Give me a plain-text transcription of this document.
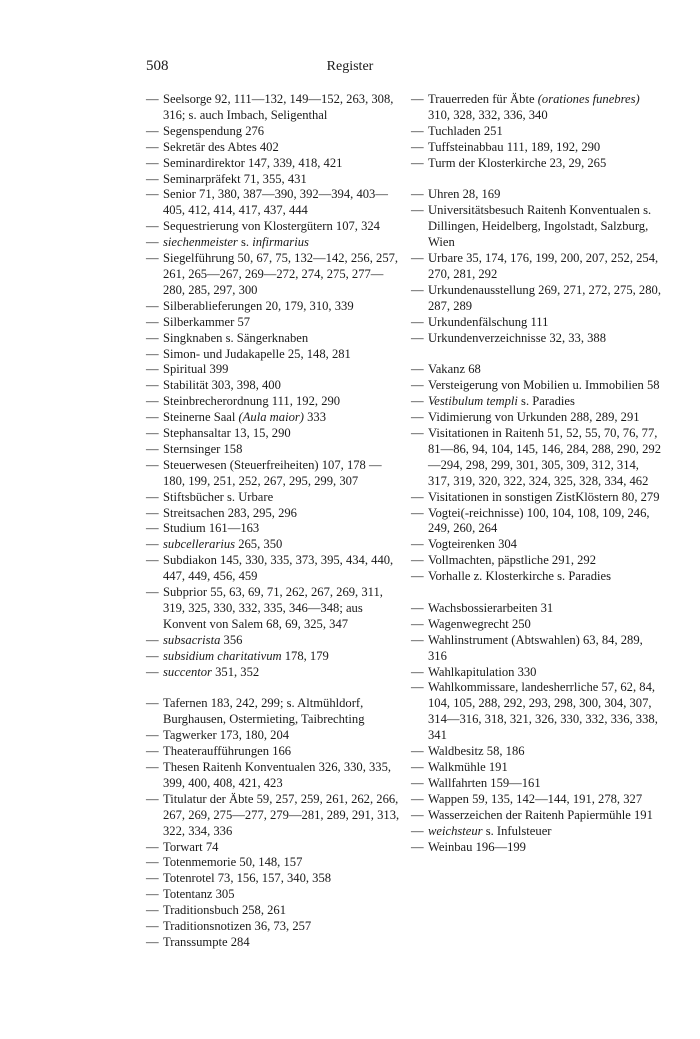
508	Register
— Seelsorge 92, 111—132, 149—152, 263, 308, 316; s. auch Imbach, Seligenthal
— Segenspendung 276
— Sekretär des Abtes 402
— Seminardirektor 147, 339, 418, 421
— Seminarpräfekt 71, 355, 431
— Senior 71, 380, 387—390, 392—394, 403—405, 412, 414, 417, 437, 444
— Sequestrierung von Klostergütern 107, 324
— siechenmeister s. infirmarius
— Siegelführung 50, 67, 75, 132—142, 256, 257, 261, 265—267, 269—272, 274, 275, 277—280, 285, 297, 300
— Silberablieferungen 20, 179, 310, 339
— Silberkammer 57
— Singknaben s. Sängerknaben
— Simon- und Judakapelle 25, 148, 281
— Spiritual 399
— Stabilität 303, 398, 400
— Steinbrecherordnung 111, 192, 290
— Steinerne Saal (Aula maior) 333
— Stephansaltar 13, 15, 290
— Sternsinger 158
— Steuerwesen (Steuerfreiheiten) 107, 178 —180, 199, 251, 252, 267, 295, 299, 307
— Stiftsbücher s. Urbare
— Streitsachen 283, 295, 296
— Studium 161—163
— subcellerarius 265, 350
— Subdiakon 145, 330, 335, 373, 395, 434, 440, 447, 449, 456, 459
— Subprior 55, 63, 69, 71, 262, 267, 269, 311, 319, 325, 330, 332, 335, 346—348; aus Konvent von Salem 68, 69, 325, 347
— subsacrista 356
— subsidium charitativum 178, 179
— succentor 351, 352
— Tafernen 183, 242, 299; s. Altmühldorf, Burghausen, Ostermieting, Taibrechting
— Tagwerker 173, 180, 204
— Theateraufführungen 166
— Thesen Raitenh Konventualen 326, 330, 335, 399, 400, 408, 421, 423
— Titulatur der Äbte 59, 257, 259, 261, 262, 266, 267, 269, 275—277, 279—281, 289, 291, 313, 322, 334, 336
— Torwart 74
— Totenmemorie 50, 148, 157
— Totenrotel 73, 156, 157, 340, 358
— Totentanz 305
— Traditionsbuch 258, 261
— Traditionsnotizen 36, 73, 257
— Transsumpte 284
— Trauerreden für Äbte (orationes funebres) 310, 328, 332, 336, 340
— Tuchladen 251
— Tuffsteinabbau 111, 189, 192, 290
— Turm der Klosterkirche 23, 29, 265
— Uhren 28, 169
— Universitätsbesuch Raitenh Konventualen s. Dillingen, Heidelberg, Ingolstadt, Salzburg, Wien
— Urbare 35, 174, 176, 199, 200, 207, 252, 254, 270, 281, 292
— Urkundenausstellung 269, 271, 272, 275, 280, 287, 289
— Urkundenfälschung 111
— Urkundenverzeichnisse 32, 33, 388
— Vakanz 68
— Versteigerung von Mobilien u. Immobilien 58
— Vestibulum templi s. Paradies
— Vidimierung von Urkunden 288, 289, 291
— Visitationen in Raitenh 51, 52, 55, 70, 76, 77, 81—86, 94, 104, 145, 146, 284, 288, 290, 292—294, 298, 299, 301, 305, 309, 312, 314, 317, 319, 320, 322, 324, 325, 328, 334, 462
— Visitationen in sonstigen ZistKlöstern 80, 279
— Vogtei(-reichnisse) 100, 104, 108, 109, 246, 249, 260, 264
— Vogteirenken 304
— Vollmachten, päpstliche 291, 292
— Vorhalle z. Klosterkirche s. Paradies
— Wachsbossierarbeiten 31
— Wagenwegrecht 250
— Wahlinstrument (Abtswahlen) 63, 84, 289, 316
— Wahlkapitulation 330
— Wahlkommissare, landesherrliche 57, 62, 84, 104, 105, 288, 292, 293, 298, 300, 304, 307, 314—316, 318, 321, 326, 330, 332, 336, 338, 341
— Waldbesitz 58, 186
— Walkmühle 191
— Wallfahrten 159—161
— Wappen 59, 135, 142—144, 191, 278, 327
— Wasserzeichen der Raitenh Papiermühle 191
— weichsteur s. Infulsteuer
— Weinbau 196—199
